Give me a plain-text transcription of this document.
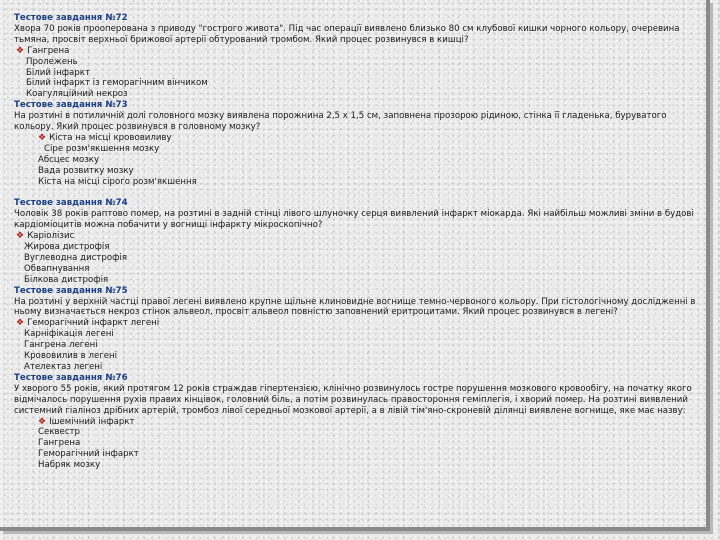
Тестове завдання №72
Хвора 70 років прооперована з приводу "гострого живота". Під час операції виявлено близько 80 см клубової кишки чорного кольору, очеревина тьмяна, просвіт верхньої брижової артерії обтурований тромбом. Який процес розвинувся в кишці?
❖ Гангрена
Пролежень
Білий інфаркт
Білий інфаркт із геморагічним вінчиком
Коагуляційний некроз
Тестове завдання №73
На розтині в потиличній долі головного мозку виявлена порожнина 2,5 х 1,5 см, заповнена прозорою рідиною, стінка її гладенька, буруватого кольору. Який процес розвинувся в головному мозку?
❖ Кіста на місці крововиливу
Сіре розм'якшення мозку
Абсцес мозку
Вада розвитку мозку
Кіста на місці сірого розм'якшення
Тестове завдання №74
Чоловік 38 років раптово помер, на розтині в задній стінці лівого шлуночку серця виявлений інфаркт міокарда. Які найбільш можливі зміни в будові кардіоміоцитів можна побачити у вогнищі інфаркту мікроскопічно?
❖ Каріолізис
Жирова дистрофія
Вуглеводна дистрофія
Обвапнування
Білкова дистрофія
Тестове завдання №75
На розтині у верхній частці правої легені виявлено крупне щільне клиновидне вогнище темно-червоного кольору. При гістологічному дослідженні в ньому визначається некроз стінок альвеол, просвіт альвеол повністю заповнений еритроцитами. Який процес розвинувся в легені?
❖ Геморагічний інфаркт легені
Карніфікація легені
Гангрена легені
Крововилив в легені
Ателектаз легені
Тестове завдання №76
У хворого 55 років, який протягом 12 років страждав гіпертензією, клінічно розвинулось гостре порушення мозкового кровообігу, на початку якого відмічалось порушення рухів правих кінцівок, головний біль, а потім розвинулась правостороння геміплегія, і хворий помер. На розтині виявлений системний гіаліноз дрібних артерій, тромбоз лівої середньої мозкової артерії, а в лівій тім'яно-скроневій ділянці виявлене вогнище, яке має назву:
❖ Ішемічний інфаркт
Секвестр
Гангрена
Геморагічний інфаркт
Набряк мозку
